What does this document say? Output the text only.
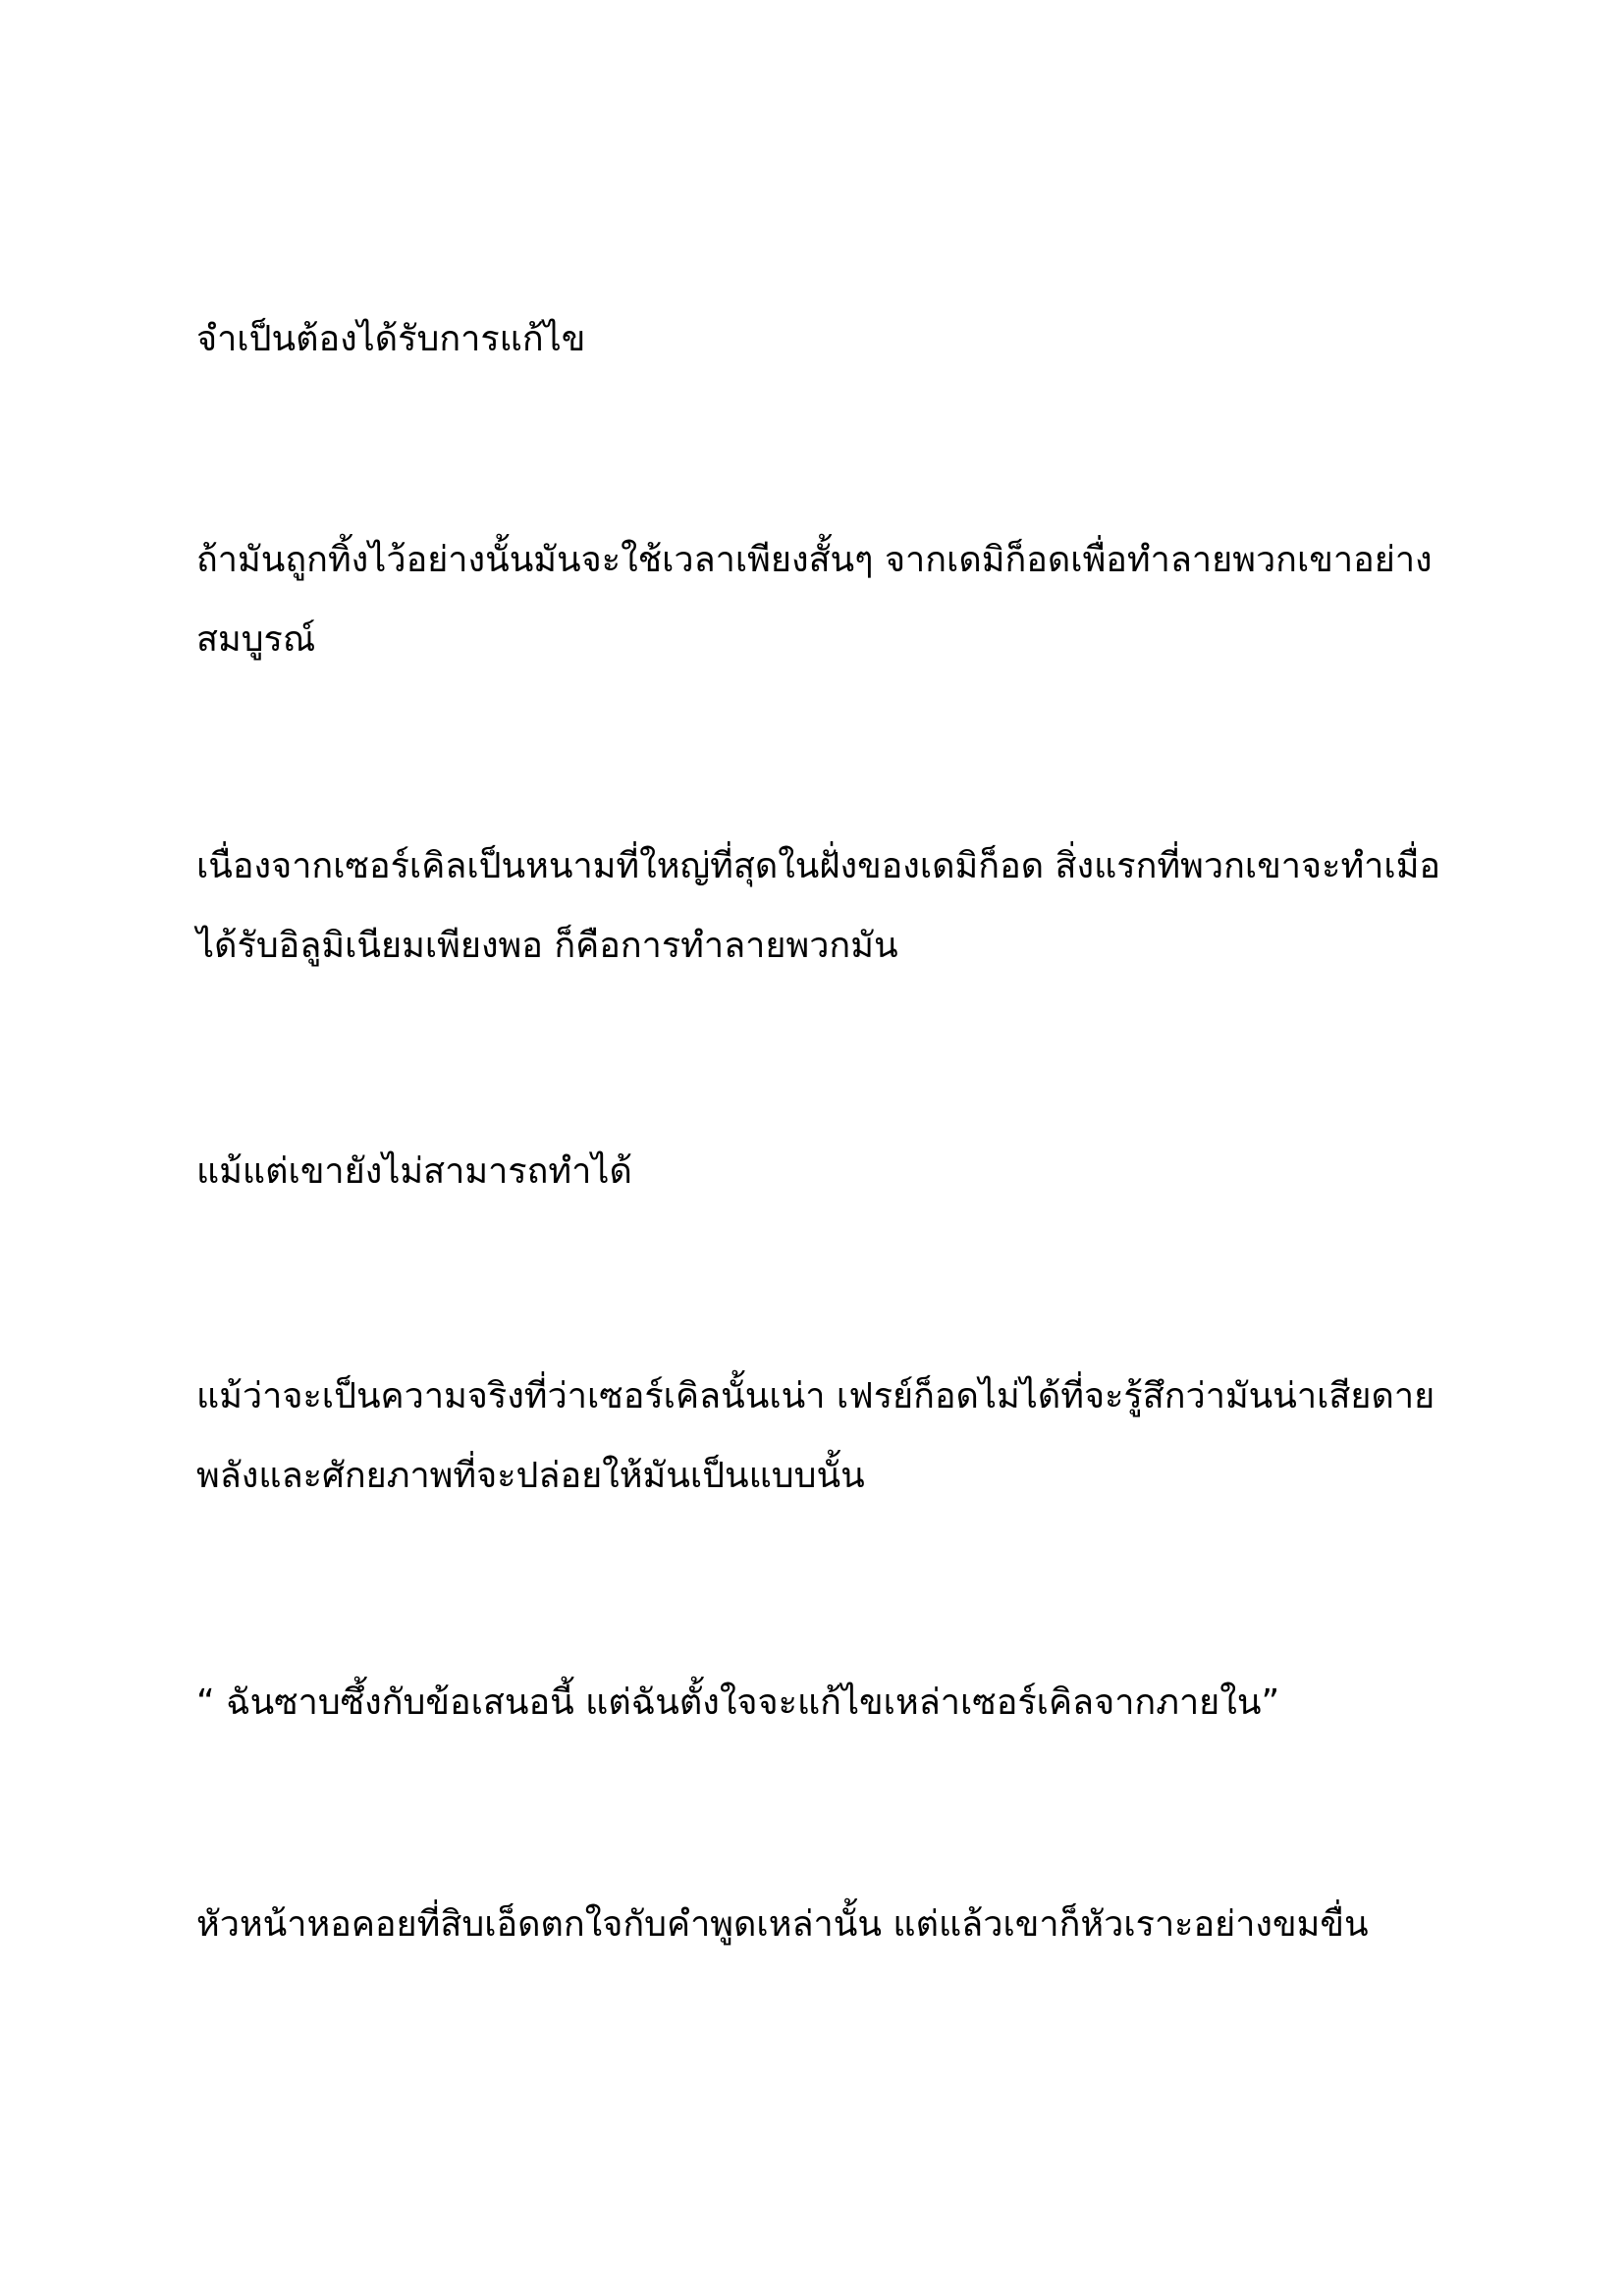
จำเป็นต้องได้รับการแก้ไข

ถ้ามันถูกทิ้งไว้อย่างนั้นมันจะใช้เวลาเพียงสั้นๆ จากเดมิก็อดเพื่อทำลายพวกเขาอย่าง
สมบูรณ์

เนื่องจากเซอร์เคิลเป็นหนามที่ใหญ่ที่สุดในฝั่งของเดมิก็อด สิ่งแรกที่พวกเขาจะทำเมื่อ
ได้รับอิลูมิเนียมเพียงพอ ก็คือการทำลายพวกมัน

แม้แต่เขายังไม่สามารถทำได้

แม้ว่าจะเป็นความจริงที่ว่าเซอร์เคิลนั้นเน่า เฟรย์ก็อดไม่ได้ที่จะรู้สึกว่ามันน่าเสียดาย
พลังและศักยภาพที่จะปล่อยให้มันเป็นแบบนั้น

“ ฉันซาบซึ้งกับข้อเสนอนี้ แต่ฉันตั้งใจจะแก้ไขเหล่าเซอร์เคิลจากภายใน”

หัวหน้าหอคอยที่สิบเอ็ดตกใจกับคำพูดเหล่านั้น แต่แล้วเขาก็หัวเราะอย่างขมขื่น
